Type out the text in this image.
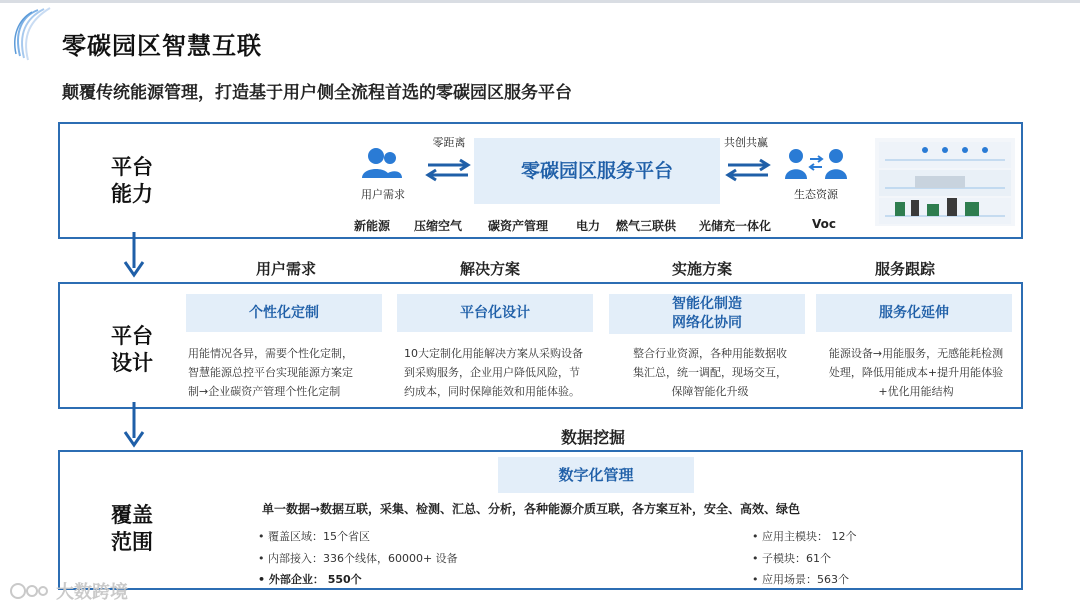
零碳园区智慧互联
颠覆传统能源管理，打造基于用户侧全流程首选的零碳园区服务平台
平台
能力	用户需求
零距离
零碳园区服务平台
共创共赢
生态资源
新能源 压缩空气 碳资产管理 电力 燃气三联供 光储充一体化	Voc
用户需求	解决方案	实施方案	服务跟踪
平台
设计
个性化定制	平台化设计
智能化制造
网络化协同
服务化延伸
用能情况各异，需要个性化定制，
智慧能源总控平台实现能源方案定
制→企业碳资产管理个性化定制
10大定制化用能解决方案从采购设备
到采购服务，企业用户降低风险，节
约成本，同时保障能效和用能体验。
整合行业资源，各种用能数据收
集汇总，统一调配，现场交互，
保障智能化升级
能源设备→用能服务，无感能耗检测
处理，降低用能成本+提升用能体验
+优化用能结构
数据挖掘
覆盖
范围
数字化管理
单一数据→数据互联，采集、检测、汇总、分析，各种能源介质互联，各方案互补，安全、高效、绿色
• 覆盖区域：15个省区
• 内部接入：336个线体，60000+ 设备
• 外部企业： 550个
• 应用主模块： 12个
• 子模块：61个
• 应用场景：563个
大数跨境
